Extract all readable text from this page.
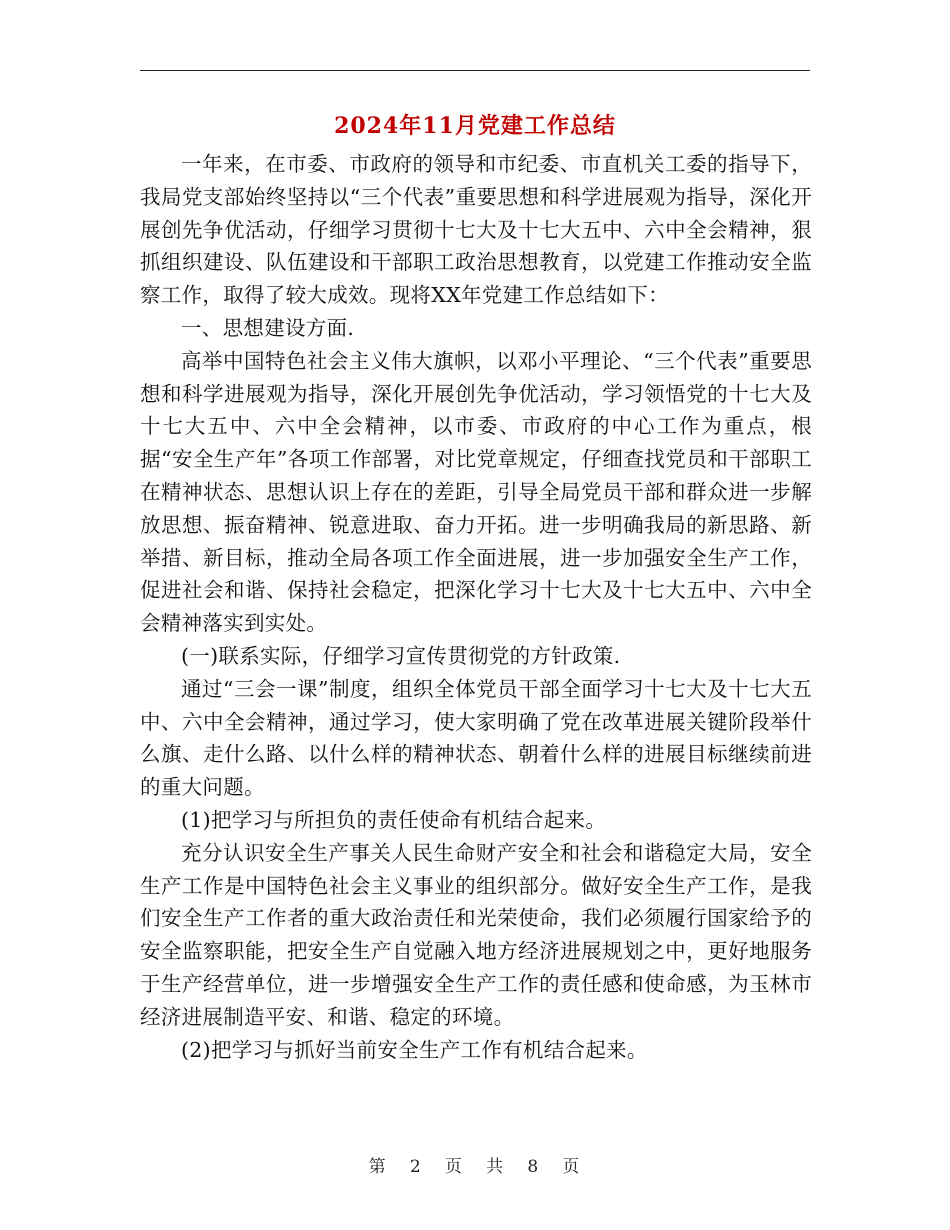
2024年11月党建工作总结

一年来，在市委、市政府的领导和市纪委、市直机关工委的指导下，我局党支部始终坚持以“三个代表”重要思想和科学进展观为指导，深化开展创先争优活动，仔细学习贯彻十七大及十七大五中、六中全会精神，狠抓组织建设、队伍建设和干部职工政治思想教育，以党建工作推动安全监察工作，取得了较大成效。现将XX年党建工作总结如下：

一、思想建设方面.

高举中国特色社会主义伟大旗帜，以邓小平理论、“三个代表”重要思想和科学进展观为指导，深化开展创先争优活动，学习领悟党的十七大及十七大五中、六中全会精神，以市委、市政府的中心工作为重点，根据“安全生产年”各项工作部署，对比党章规定，仔细查找党员和干部职工在精神状态、思想认识上存在的差距，引导全局党员干部和群众进一步解放思想、振奋精神、锐意进取、奋力开拓。进一步明确我局的新思路、新举措、新目标，推动全局各项工作全面进展，进一步加强安全生产工作，促进社会和谐、保持社会稳定，把深化学习十七大及十七大五中、六中全会精神落实到实处。

(一)联系实际，仔细学习宣传贯彻党的方针政策.

通过“三会一课”制度，组织全体党员干部全面学习十七大及十七大五中、六中全会精神，通过学习，使大家明确了党在改革进展关键阶段举什么旗、走什么路、以什么样的精神状态、朝着什么样的进展目标继续前进的重大问题。

(1)把学习与所担负的责任使命有机结合起来。

充分认识安全生产事关人民生命财产安全和社会和谐稳定大局，安全生产工作是中国特色社会主义事业的组织部分。做好安全生产工作，是我们安全生产工作者的重大政治责任和光荣使命，我们必须履行国家给予的安全监察职能，把安全生产自觉融入地方经济进展规划之中，更好地服务于生产经营单位，进一步增强安全生产工作的责任感和使命感，为玉林市经济进展制造平安、和谐、稳定的环境。

(2)把学习与抓好当前安全生产工作有机结合起来。

第 2 页 共 8 页
